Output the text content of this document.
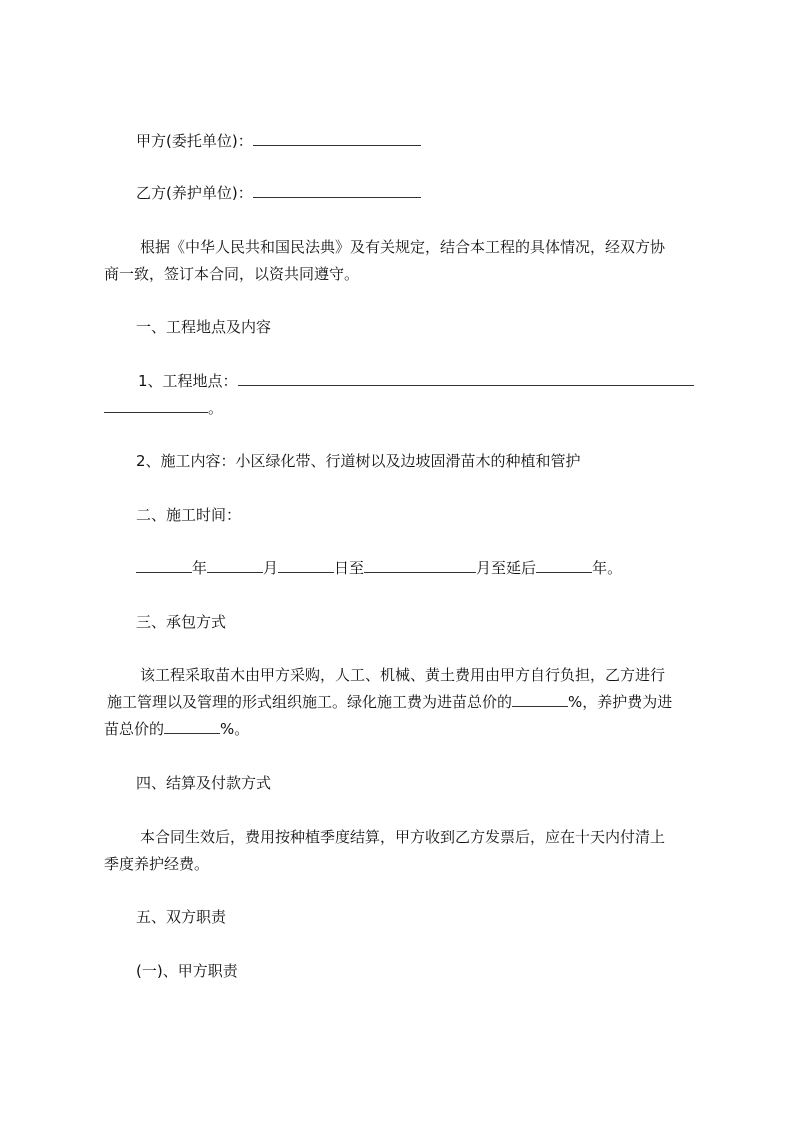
甲方(委托单位)：
乙方(养护单位)：
根据《中华人民共和国民法典》及有关规定，结合本工程的具体情况，经双方协
商一致，签订本合同，以资共同遵守。
一、工程地点及内容
1、工程地点：
。
2、施工内容：小区绿化带、行道树以及边坡固滑苗木的种植和管护
二、施工时间：
年	月	日至	月至延后	年。
三、承包方式
该工程采取苗木由甲方采购，人工、机械、黄土费用由甲方自行负担，乙方进行
施工管理以及管理的形式组织施工。绿化施工费为进苗总价的	%，养护费为进
苗总价的	%。
四、结算及付款方式
本合同生效后，费用按种植季度结算，甲方收到乙方发票后，应在十天内付清上
季度养护经费。
五、双方职责
(一)、甲方职责
